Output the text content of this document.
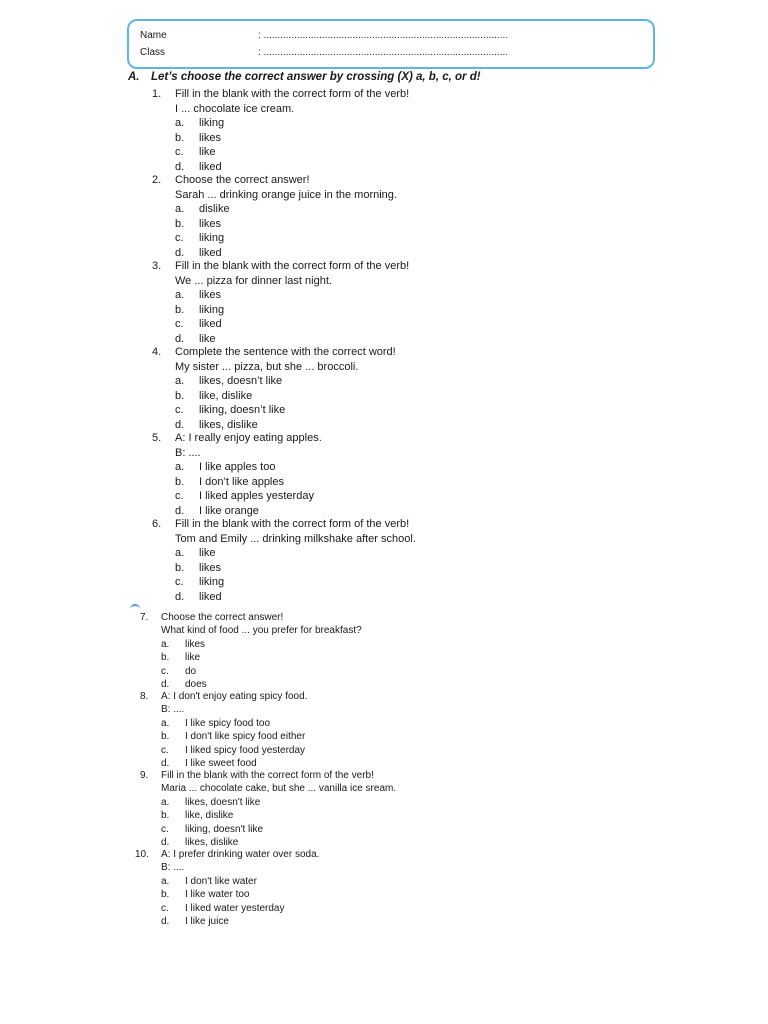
Name	: ........................................................................................
Class	: ........................................................................................
A. Let’s choose the correct answer by crossing (X) a, b, c, or d!
1. Fill in the blank with the correct form of the verb!
I ... chocolate ice cream.
a. liking
b. likes
c. like
d. liked
2. Choose the correct answer!
Sarah ... drinking orange juice in the morning.
a. dislike
b. likes
c. liking
d. liked
3. Fill in the blank with the correct form of the verb!
We ... pizza for dinner last night.
a. likes
b. liking
c. liked
d. like
4. Complete the sentence with the correct word!
My sister ... pizza, but she ... broccoli.
a. likes, doesn’t like
b. like, dislike
c. liking, doesn’t like
d. likes, dislike
5. A: I really enjoy eating apples.
B: ....
a. I like apples too
b. I don’t like apples
c. I liked apples yesterday
d. I like orange
6. Fill in the blank with the correct form of the verb!
Tom and Emily ... drinking milkshake after school.
a. like
b. likes
c. liking
d. liked
7. Choose the correct answer!
What kind of food ... you prefer for breakfast?
a. likes
b. like
c. do
d. does
8. A: I don't enjoy eating spicy food.
B: ....
a. I like spicy food too
b. I don't like spicy food either
c. I liked spicy food yesterday
d. I like sweet food
9. Fill in the blank with the correct form of the verb!
Maria ... chocolate cake, but she ... vanilla ice sream.
a. likes, doesn't like
b. like, dislike
c. liking, doesn't like
d. likes, dislike
10. A: I prefer drinking water over soda.
B: ....
a. I don't like water
b. I like water too
c. I liked water yesterday
d. I like juice
